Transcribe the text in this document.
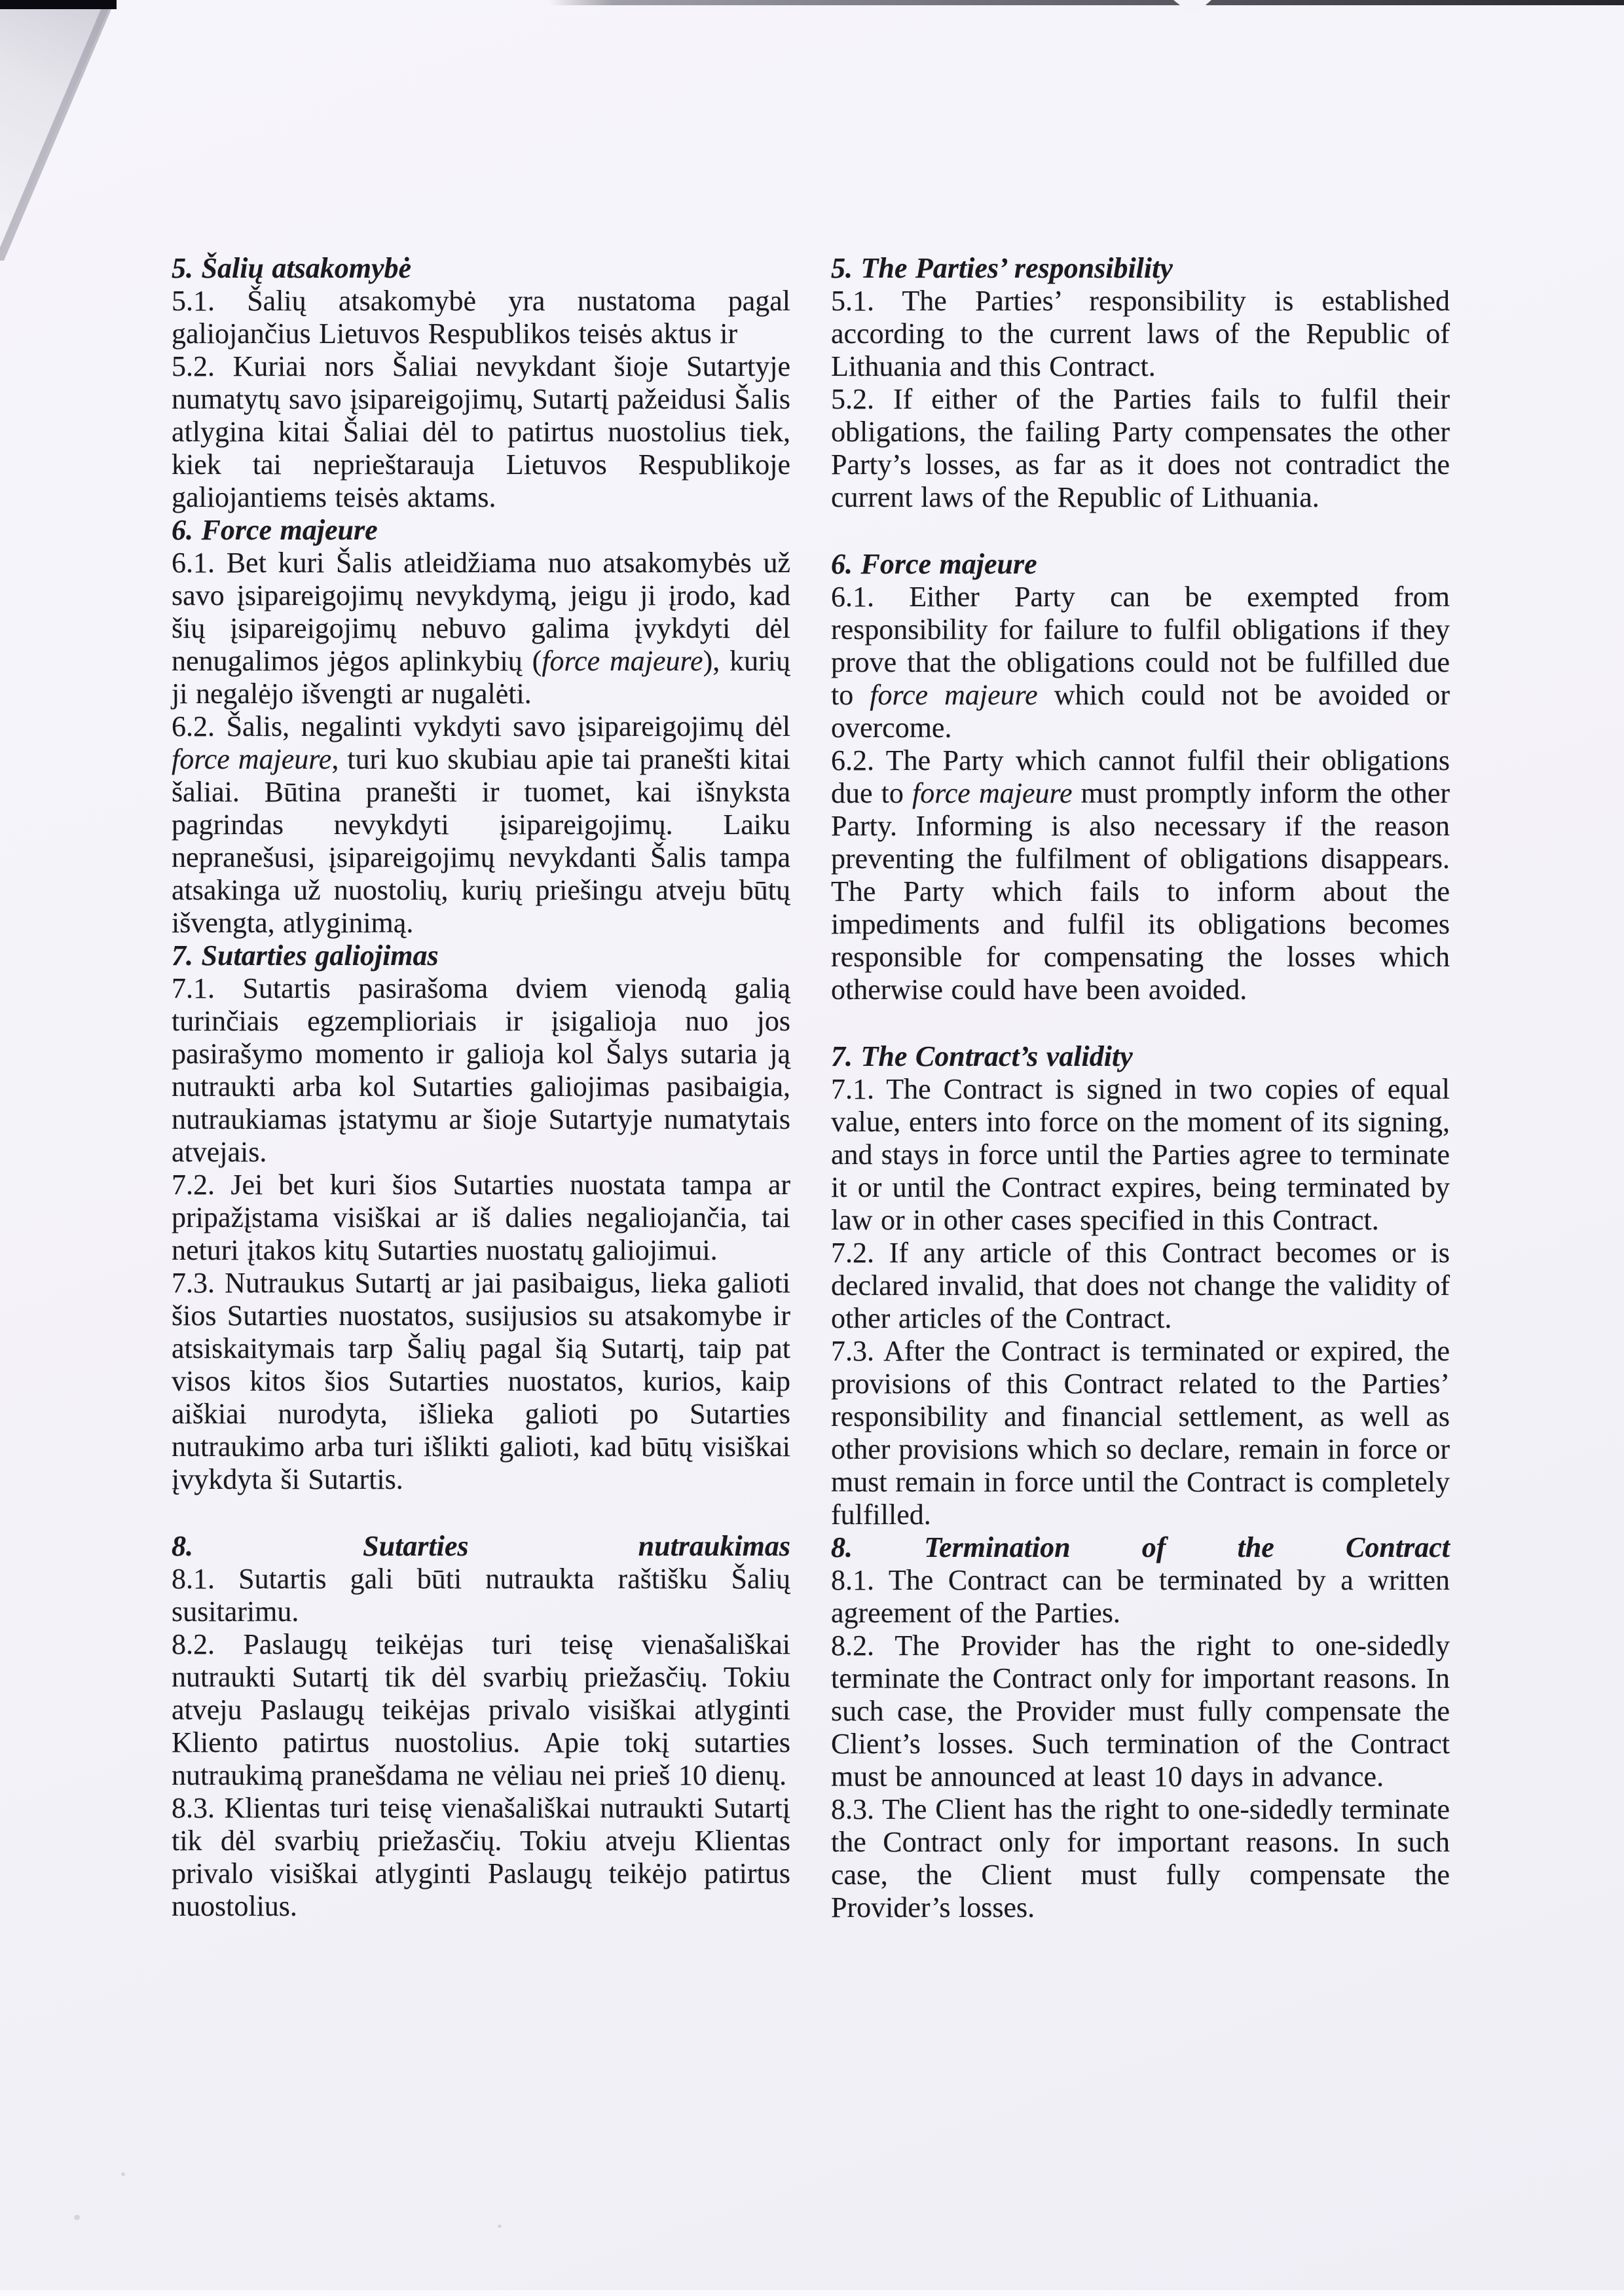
5. Šalių atsakomybė

5.1. Šalių atsakomybė yra nustatoma pagal galiojančius Lietuvos Respublikos teisės aktus ir

5.2. Kuriai nors Šaliai nevykdant šioje Sutartyje numatytų savo įsipareigojimų, Sutartį pažeidusi Šalis atlygina kitai Šaliai dėl to patirtus nuostolius tiek, kiek tai neprieštarauja Lietuvos Respublikoje galiojantiems teisės aktams.

6. Force majeure

6.1. Bet kuri Šalis atleidžiama nuo atsakomybės už savo įsipareigojimų nevykdymą, jeigu ji įrodo, kad šių įsipareigojimų nebuvo galima įvykdyti dėl nenugalimos jėgos aplinkybių (force majeure), kurių ji negalėjo išvengti ar nugalėti.

6.2. Šalis, negalinti vykdyti savo įsipareigojimų dėl force majeure, turi kuo skubiau apie tai pranešti kitai šaliai. Būtina pranešti ir tuomet, kai išnyksta pagrindas nevykdyti įsipareigojimų. Laiku nepranešusi, įsipareigojimų nevykdanti Šalis tampa atsakinga už nuostolių, kurių priešingu atveju būtų išvengta, atlyginimą.

7. Sutarties galiojimas

7.1. Sutartis pasirašoma dviem vienodą galią turinčiais egzemplioriais ir įsigalioja nuo jos pasirašymo momento ir galioja kol Šalys sutaria ją nutraukti arba kol Sutarties galiojimas pasibaigia, nutraukiamas įstatymu ar šioje Sutartyje numatytais atvejais.

7.2. Jei bet kuri šios Sutarties nuostata tampa ar pripažįstama visiškai ar iš dalies negaliojančia, tai neturi įtakos kitų Sutarties nuostatų galiojimui.

7.3. Nutraukus Sutartį ar jai pasibaigus, lieka galioti šios Sutarties nuostatos, susijusios su atsakomybe ir atsiskaitymais tarp Šalių pagal šią Sutartį, taip pat visos kitos šios Sutarties nuostatos, kurios, kaip aiškiai nurodyta, išlieka galioti po Sutarties nutraukimo arba turi išlikti galioti, kad būtų visiškai įvykdyta ši Sutartis.

8.	Sutarties	nutraukimas

8.1. Sutartis gali būti nutraukta raštišku Šalių susitarimu.

8.2. Paslaugų teikėjas turi teisę vienašališkai nutraukti Sutartį tik dėl svarbių priežasčių. Tokiu atveju Paslaugų teikėjas privalo visiškai atlyginti Kliento patirtus nuostolius. Apie tokį sutarties nutraukimą pranešdama ne vėliau nei prieš 10 dienų.

8.3. Klientas turi teisę vienašališkai nutraukti Sutartį tik dėl svarbių priežasčių. Tokiu atveju Klientas privalo visiškai atlyginti Paslaugų teikėjo patirtus nuostolius.

5. The Parties’ responsibility

5.1. The Parties’ responsibility is established according to the current laws of the Republic of Lithuania and this Contract.

5.2. If either of the Parties fails to fulfil their obligations, the failing Party compensates the other Party’s losses, as far as it does not contradict the current laws of the Republic of Lithuania.

6. Force majeure

6.1. Either Party can be exempted from responsibility for failure to fulfil obligations if they prove that the obligations could not be fulfilled due to force majeure which could not be avoided or overcome.

6.2. The Party which cannot fulfil their obligations due to force majeure must promptly inform the other Party. Informing is also necessary if the reason preventing the fulfilment of obligations disappears. The Party which fails to inform about the impediments and fulfil its obligations becomes responsible for compensating the losses which otherwise could have been avoided.

7. The Contract’s validity

7.1. The Contract is signed in two copies of equal value, enters into force on the moment of its signing, and stays in force until the Parties agree to terminate it or until the Contract expires, being terminated by law or in other cases specified in this Contract.

7.2. If any article of this Contract becomes or is declared invalid, that does not change the validity of other articles of the Contract.

7.3. After the Contract is terminated or expired, the provisions of this Contract related to the Parties’ responsibility and financial settlement, as well as other provisions which so declare, remain in force or must remain in force until the Contract is completely fulfilled.

8. Termination of the Contract

8.1. The Contract can be terminated by a written agreement of the Parties.

8.2. The Provider has the right to one-sidedly terminate the Contract only for important reasons. In such case, the Provider must fully compensate the Client’s losses. Such termination of the Contract must be announced at least 10 days in advance.

8.3. The Client has the right to one-sidedly terminate the Contract only for important reasons. In such case, the Client must fully compensate the Provider’s losses.
